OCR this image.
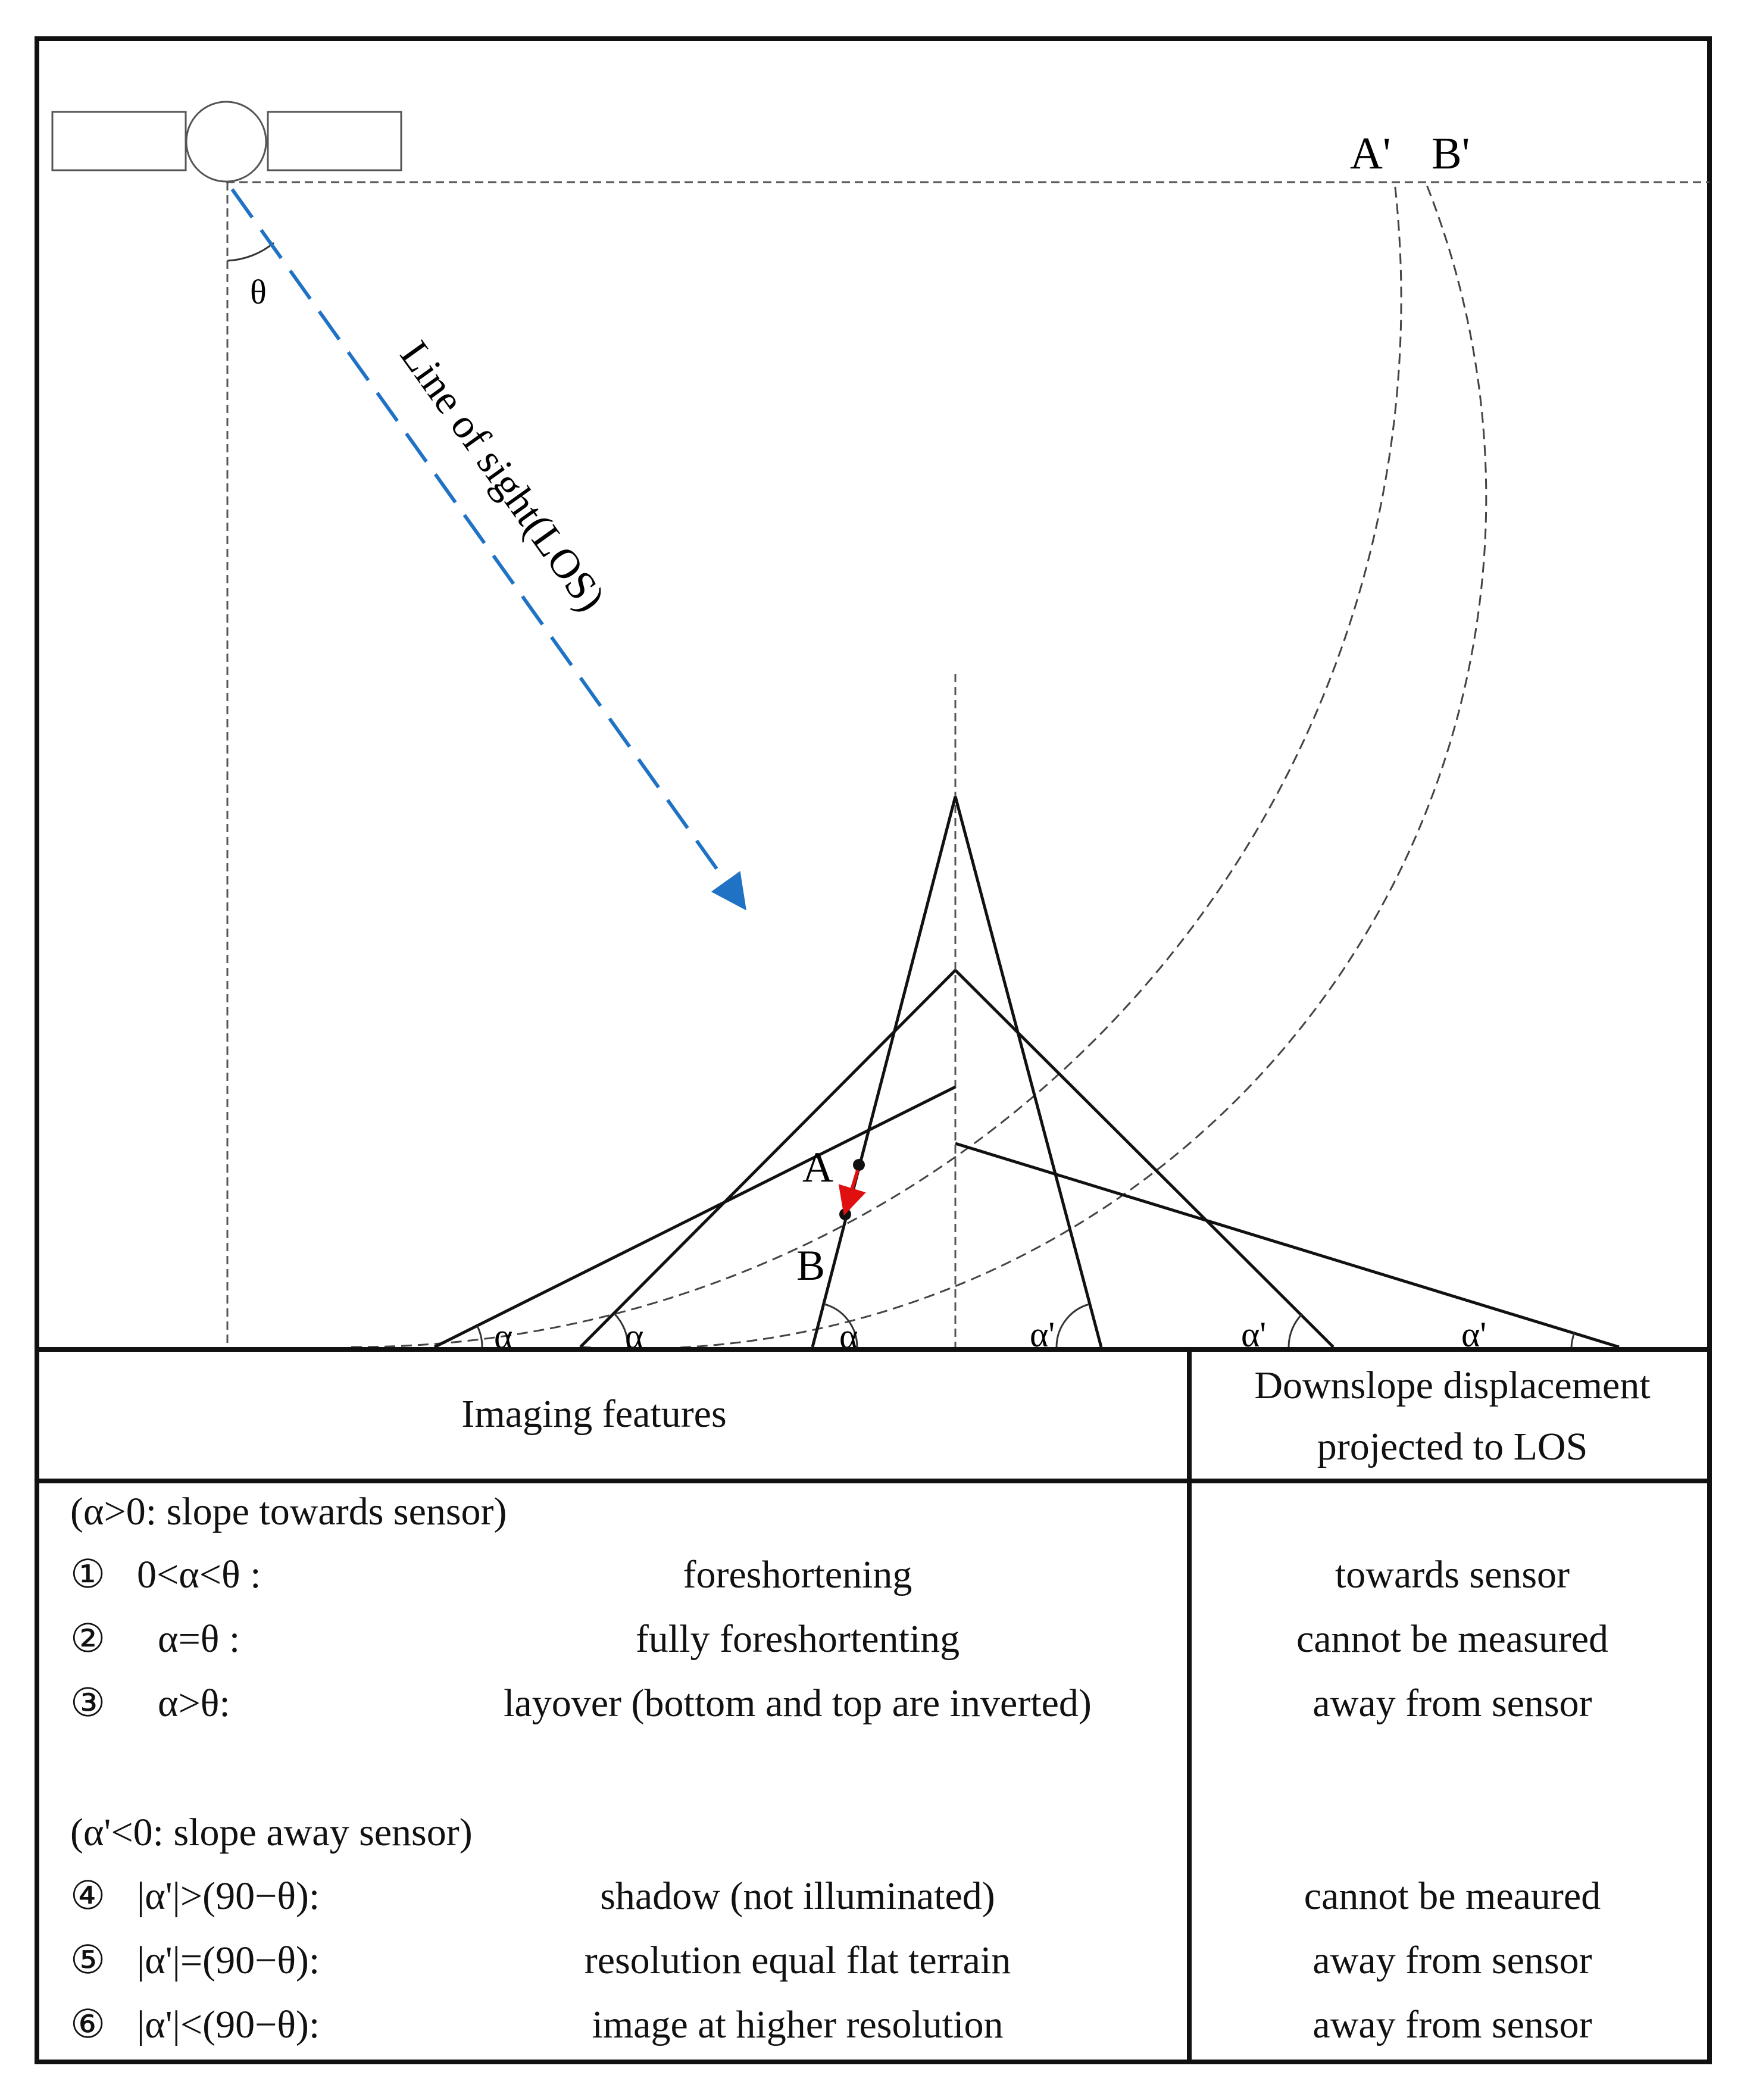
θ
Line of sight(LOS)
A' B'
A
B
α	α	α	α'	α'	α'
Imaging features
Downslope displacement
projected to LOS
(α>0: slope towards sensor)
① 0<α<θ :	foreshortening	towards sensor
② α=θ :	fully foreshortenting	cannot be measured
③ α>θ:	layover (bottom and top are inverted)	away from sensor
(α'<0: slope away sensor)
④ |α'|>(90−θ):	shadow (not illuminated)	cannot be meaured
⑤ |α'|=(90−θ):	resolution equal flat terrain	away from sensor
⑥ |α'|<(90−θ):	image at higher resolution	away from sensor
